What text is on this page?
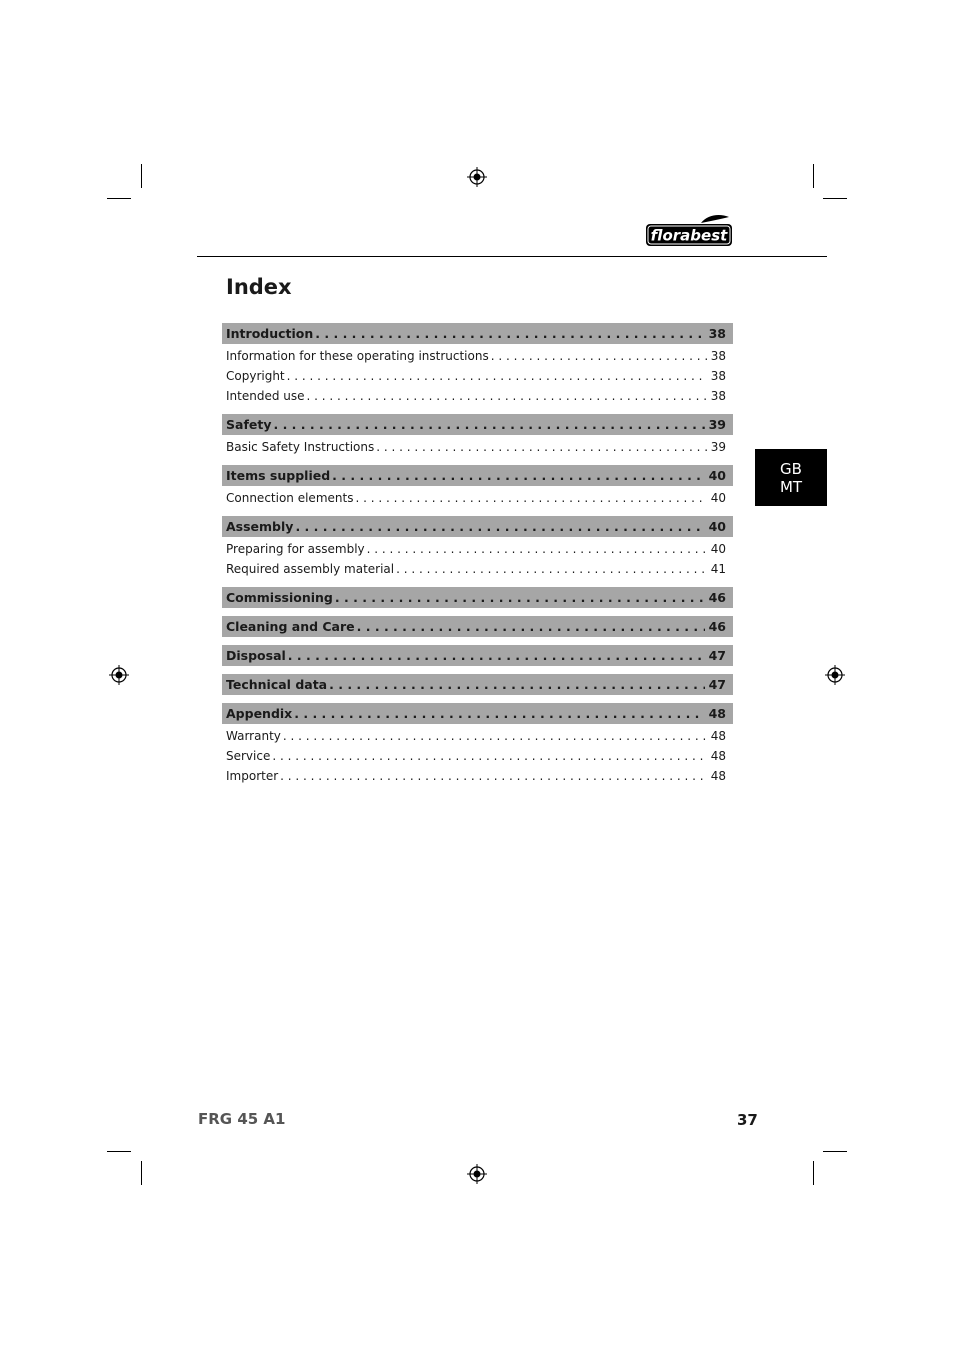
florabest
Index
GB
MT
Introduction . . .	38
Information for these operating instructions . . .	38
Copyright . . .	38
Intended use . . .	38
Safety . . .	39
Basic Safety Instructions . . .	39
Items supplied . . .	40
Connection elements . . .	40
Assembly . . .	40
Preparing for assembly . . .	40
Required assembly material . . .	41
Commissioning . . .	46
Cleaning and Care . . .	46
Disposal . . .	47
Technical data . . .	47
Appendix . . .	48
Warranty . . .	48
Service . . .	48
Importer . . .	48
FRG 45 A1	37
